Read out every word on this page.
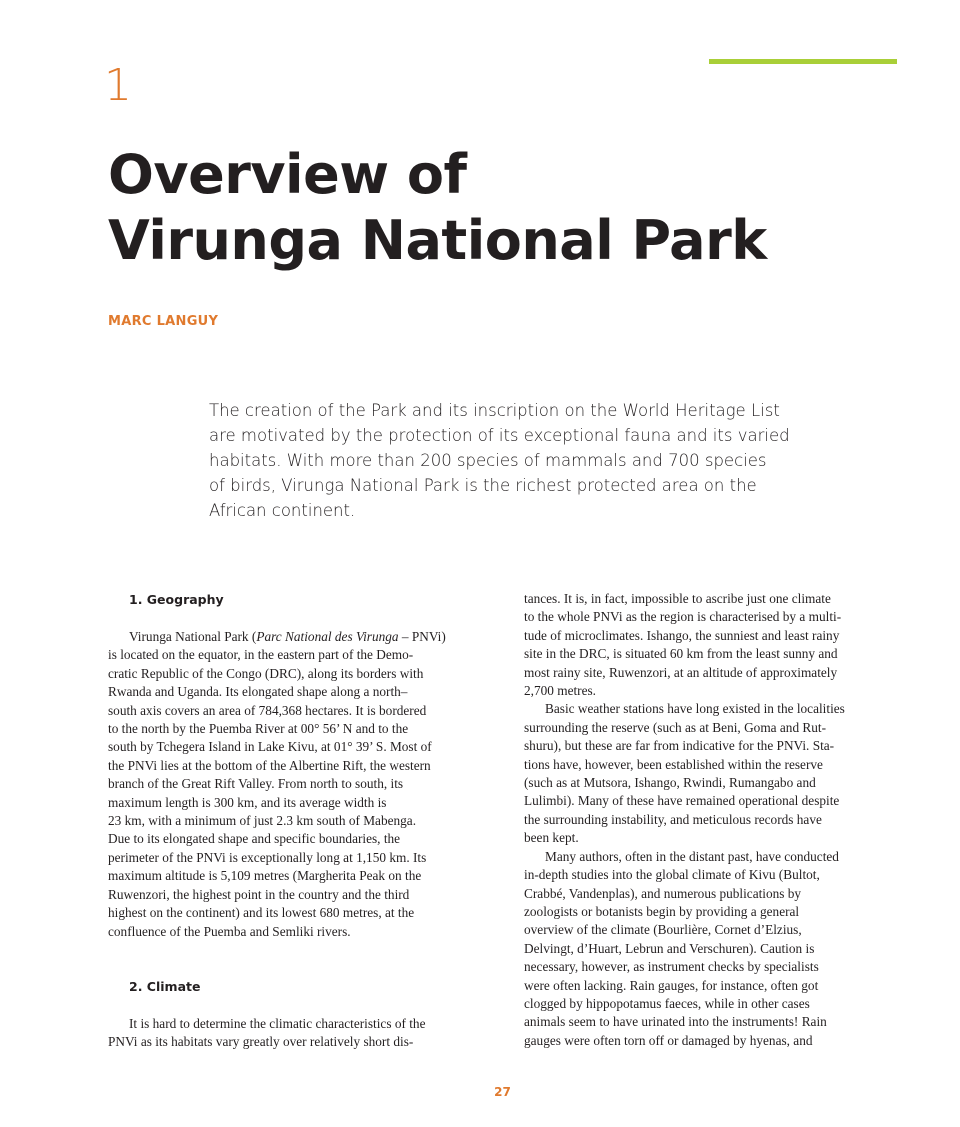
1
Overview of
Virunga National Park
MARC LANGUY

The creation of the Park and its inscription on the World Heritage List
are motivated by the protection of its exceptional fauna and its varied
habitats. With more than 200 species of mammals and 700 species
of birds, Virunga National Park is the richest protected area on the
African continent.

1. Geography
Virunga National Park (Parc National des Virunga – PNVi)
is located on the equator, in the eastern part of the Demo-
cratic Republic of the Congo (DRC), along its borders with
Rwanda and Uganda. Its elongated shape along a north–
south axis covers an area of 784,368 hectares. It is bordered
to the north by the Puemba River at 00° 56’ N and to the
south by Tchegera Island in Lake Kivu, at 01° 39’ S. Most of
the PNVi lies at the bottom of the Albertine Rift, the western
branch of the Great Rift Valley. From north to south, its
maximum length is 300 km, and its average width is
23 km, with a minimum of just 2.3 km south of Mabenga.
Due to its elongated shape and specific boundaries, the
perimeter of the PNVi is exceptionally long at 1,150 km. Its
maximum altitude is 5,109 metres (Margherita Peak on the
Ruwenzori, the highest point in the country and the third
highest on the continent) and its lowest 680 metres, at the
confluence of the Puemba and Semliki rivers.
2. Climate
It is hard to determine the climatic characteristics of the
PNVi as its habitats vary greatly over relatively short dis-
tances. It is, in fact, impossible to ascribe just one climate
to the whole PNVi as the region is characterised by a multi-
tude of microclimates. Ishango, the sunniest and least rainy
site in the DRC, is situated 60 km from the least sunny and
most rainy site, Ruwenzori, at an altitude of approximately
2,700 metres.
Basic weather stations have long existed in the localities
surrounding the reserve (such as at Beni, Goma and Rut-
shuru), but these are far from indicative for the PNVi. Sta-
tions have, however, been established within the reserve
(such as at Mutsora, Ishango, Rwindi, Rumangabo and
Lulimbi). Many of these have remained operational despite
the surrounding instability, and meticulous records have
been kept.
Many authors, often in the distant past, have conducted
in-depth studies into the global climate of Kivu (Bultot,
Crabbé, Vandenplas), and numerous publications by
zoologists or botanists begin by providing a general
overview of the climate (Bourlière, Cornet d’Elzius,
Delvingt, d’Huart, Lebrun and Verschuren). Caution is
necessary, however, as instrument checks by specialists
were often lacking. Rain gauges, for instance, often got
clogged by hippopotamus faeces, while in other cases
animals seem to have urinated into the instruments! Rain
gauges were often torn off or damaged by hyenas, and
27
